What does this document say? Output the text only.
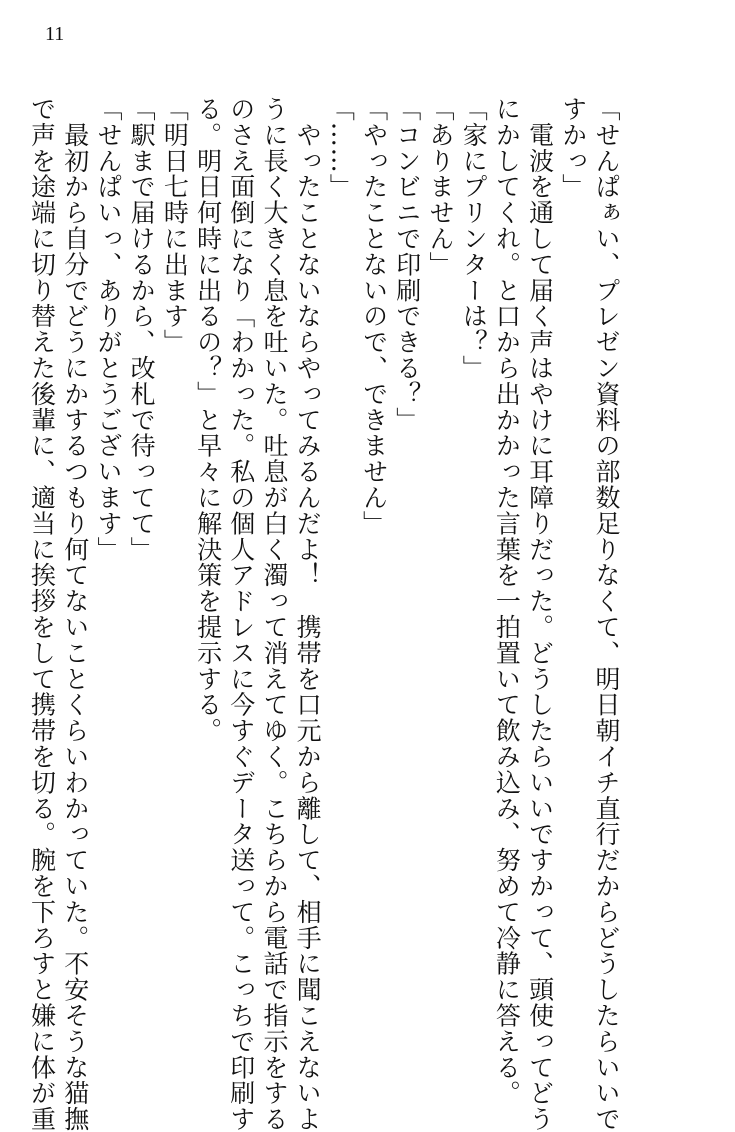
11

「せんぱぁい、プレゼン資料の部数足りなくて、明日朝イチ直行だからどうしたらいいで

すかっ」

　電波を通して届く声はやけに耳障りだった。どうしたらいいですかって、頭使ってどう

にかしてくれ。と口から出かかった言葉を一拍置いて飲み込み、努めて冷静に答える。

「家にプリンターは？」

「ありません」

「コンビニで印刷できる？」

「やったことないので、できません」

「……」

　やったことないならやってみるんだよ！　携帯を口元から離して、相手に聞こえないよ

うに長く大きく息を吐いた。吐息が白く濁って消えてゆく。こちらから電話で指示をする

のさえ面倒になり「わかった。私の個人アドレスに今すぐデータ送って。こっちで印刷す

る。明日何時に出るの？」と早々に解決策を提示する。

「明日七時に出ます」

「駅まで届けるから、改札で待ってて」

「せんぱいっ、ありがとうございます」

　最初から自分でどうにかするつもり何てないことくらいわかっていた。不安そうな猫撫

で声を途端に切り替えた後輩に、適当に挨拶をして携帯を切る。腕を下ろすと嫌に体が重
